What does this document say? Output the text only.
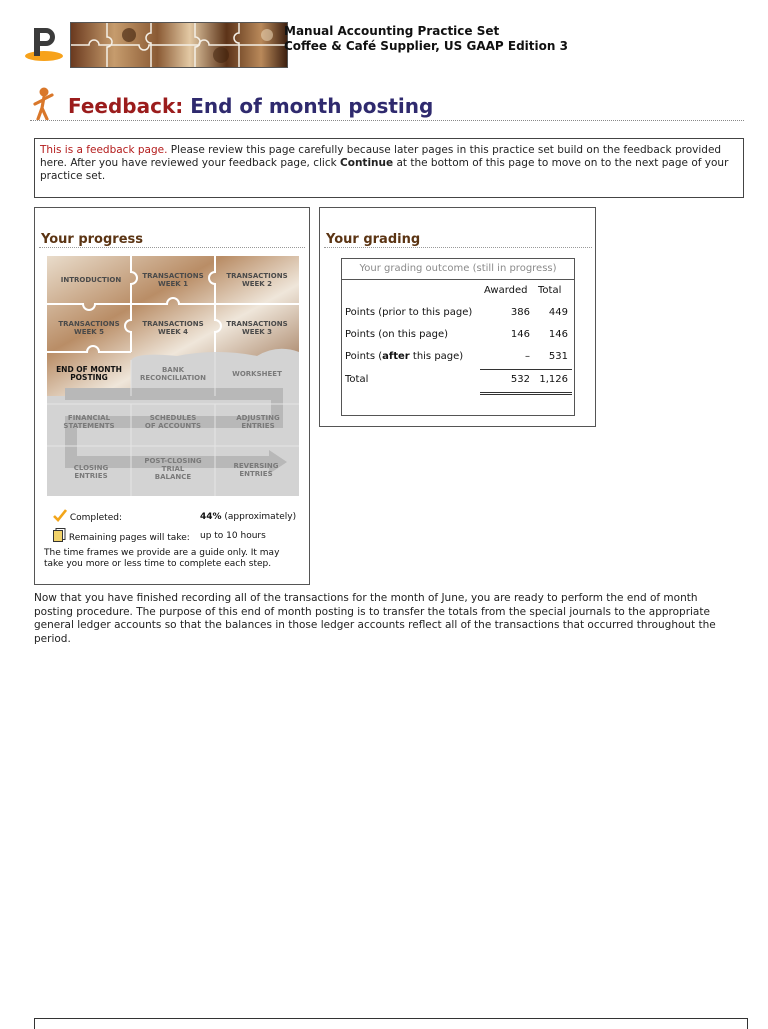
Manual Accounting Practice Set
Coffee & Café Supplier, US GAAP Edition 3
Feedback: End of month posting
This is a feedback page. Please review this page carefully because later pages in this practice set build on the feedback provided here. After you have reviewed your feedback page, click Continue at the bottom of this page to move on to the next page of your practice set.
Your progress
INTRODUCTION	TRANSACTIONS
WEEK 1
TRANSACTIONS
WEEK 2
TRANSACTIONS
WEEK 5
TRANSACTIONS
WEEK 4
TRANSACTIONS
WEEK 3
END OF MONTH
POSTING
BANK
RECONCILIATION	WORKSHEET
FINANCIAL
STATEMENTS
SCHEDULES
OF ACCOUNTS
ADJUSTING
ENTRIES
CLOSING
ENTRIES
POST-CLOSING
TRIAL
BALANCE
REVERSING
ENTRIES
Completed:	44% (approximately)
Remaining pages will take: up to 10 hours
The time frames we provide are a guide only. It may take you more or less time to complete each step.
Your grading
Your grading outcome (still in progress)
Awarded Total
Points (prior to this page)	386	449
Points (on this page)	146	146
Points (after this page)	–	531
Total	532 1,126
Now that you have finished recording all of the transactions for the month of June, you are ready to perform the end of month posting procedure. The purpose of this end of month posting is to transfer the totals from the special journals to the appropriate general ledger accounts so that the balances in those ledger accounts reflect all of the transactions that occurred throughout the period.
